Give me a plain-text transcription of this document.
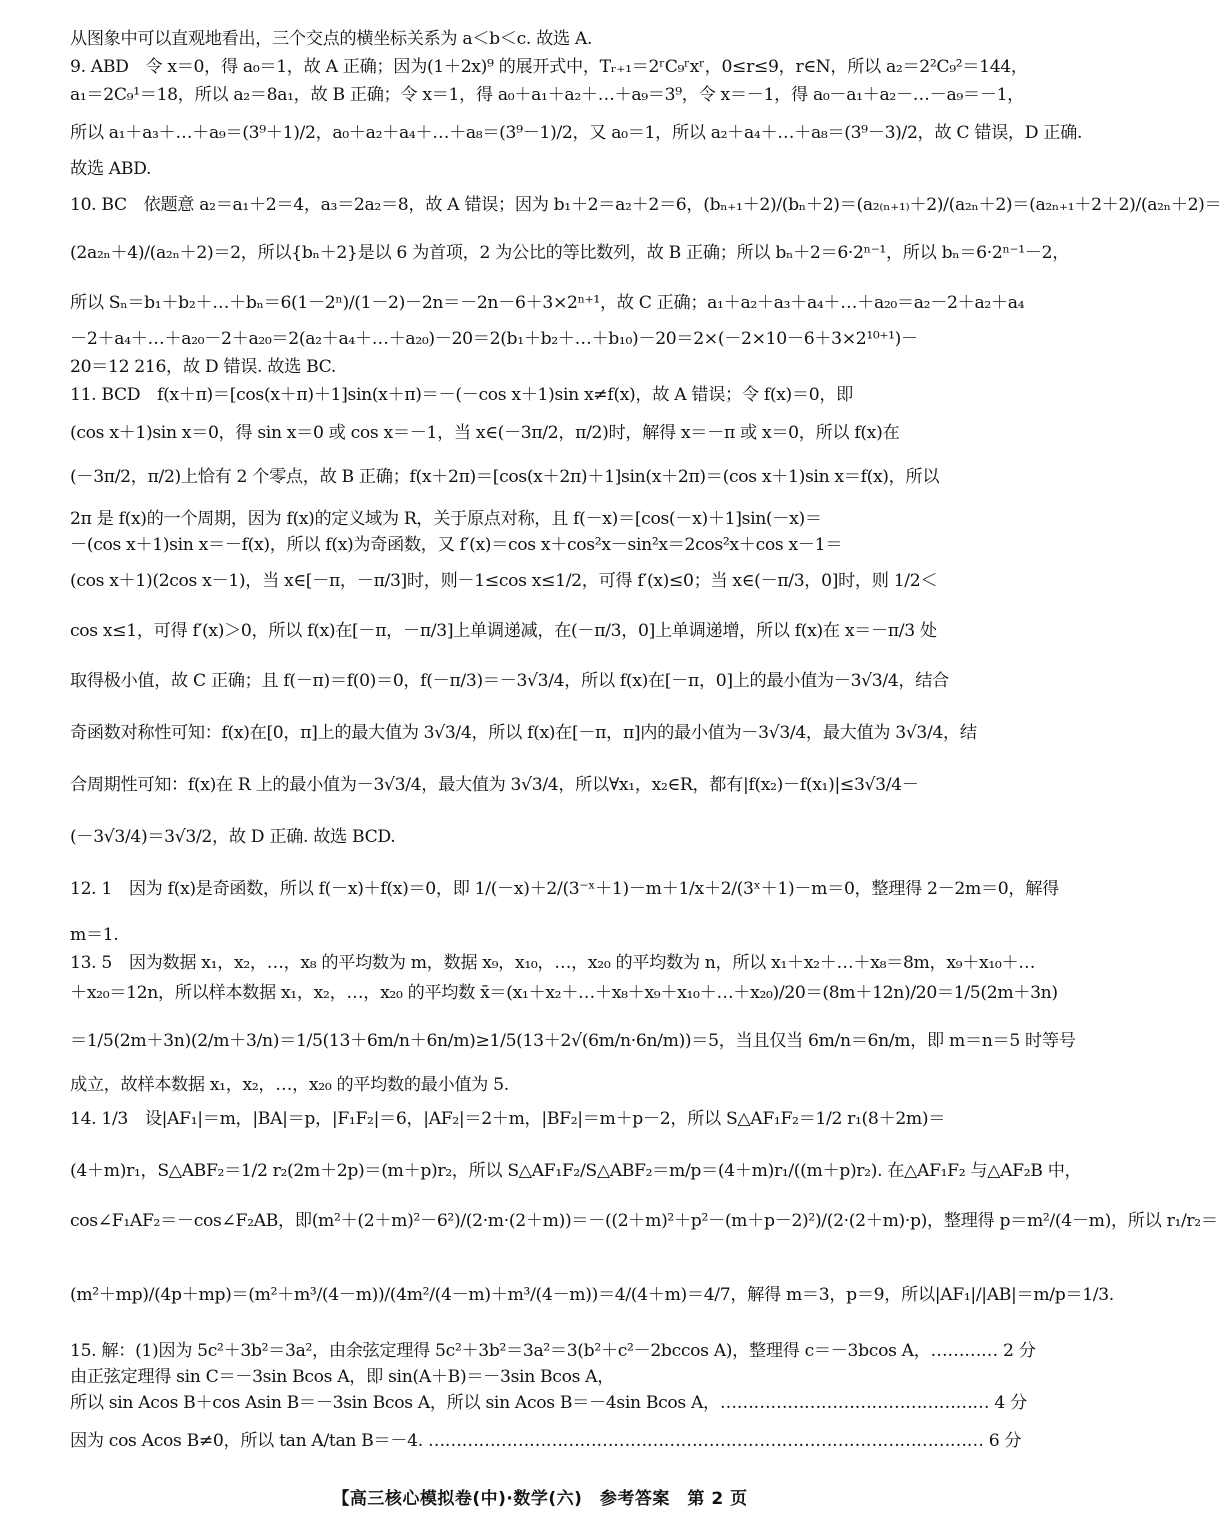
从图象中可以直观地看出，三个交点的横坐标关系为 a＜b＜c. 故选 A.
9. ABD　令 x＝0，得 a₀＝1，故 A 正确；因为(1＋2x)⁹ 的展开式中，Tᵣ₊₁＝2ʳC₉ʳxʳ，0≤r≤9，r∈N，所以 a₂＝2²C₉²＝144，
a₁＝2C₉¹＝18，所以 a₂＝8a₁，故 B 正确；令 x＝1，得 a₀＋a₁＋a₂＋…＋a₉＝3⁹，令 x＝－1，得 a₀－a₁＋a₂－…－a₉＝－1，
所以 a₁＋a₃＋…＋a₉＝(3⁹＋1)/2，a₀＋a₂＋a₄＋…＋a₈＝(3⁹－1)/2，又 a₀＝1，所以 a₂＋a₄＋…＋a₈＝(3⁹－3)/2，故 C 错误，D 正确.
故选 ABD.
10. BC　依题意 a₂＝a₁＋2＝4，a₃＝2a₂＝8，故 A 错误；因为 b₁＋2＝a₂＋2＝6，(bₙ₊₁＋2)/(bₙ＋2)＝(a₂₍ₙ₊₁₎＋2)/(a₂ₙ＋2)＝(a₂ₙ₊₁＋2＋2)/(a₂ₙ＋2)＝
(2a₂ₙ＋4)/(a₂ₙ＋2)＝2，所以{bₙ＋2}是以 6 为首项，2 为公比的等比数列，故 B 正确；所以 bₙ＋2＝6·2ⁿ⁻¹，所以 bₙ＝6·2ⁿ⁻¹－2，
所以 Sₙ＝b₁＋b₂＋…＋bₙ＝6(1－2ⁿ)/(1－2)－2n＝－2n－6＋3×2ⁿ⁺¹，故 C 正确；a₁＋a₂＋a₃＋a₄＋…＋a₂₀＝a₂－2＋a₂＋a₄
－2＋a₄＋…＋a₂₀－2＋a₂₀＝2(a₂＋a₄＋…＋a₂₀)－20＝2(b₁＋b₂＋…＋b₁₀)－20＝2×(－2×10－6＋3×2¹⁰⁺¹)－
20＝12 216，故 D 错误. 故选 BC.
11. BCD　f(x＋π)＝[cos(x＋π)＋1]sin(x＋π)＝－(－cos x＋1)sin x≠f(x)，故 A 错误；令 f(x)＝0，即
(cos x＋1)sin x＝0，得 sin x＝0 或 cos x＝－1，当 x∈(－3π/2，π/2)时，解得 x＝－π 或 x＝0，所以 f(x)在
(－3π/2，π/2)上恰有 2 个零点，故 B 正确；f(x＋2π)＝[cos(x＋2π)＋1]sin(x＋2π)＝(cos x＋1)sin x＝f(x)，所以
2π 是 f(x)的一个周期，因为 f(x)的定义域为 R，关于原点对称，且 f(－x)＝[cos(－x)＋1]sin(－x)＝
－(cos x＋1)sin x＝－f(x)，所以 f(x)为奇函数，又 f′(x)＝cos x＋cos²x－sin²x＝2cos²x＋cos x－1＝
(cos x＋1)(2cos x－1)，当 x∈[－π，－π/3]时，则－1≤cos x≤1/2，可得 f′(x)≤0；当 x∈(－π/3，0]时，则 1/2＜
cos x≤1，可得 f′(x)＞0，所以 f(x)在[－π，－π/3]上单调递减，在(－π/3，0]上单调递增，所以 f(x)在 x＝－π/3 处
取得极小值，故 C 正确；且 f(－π)＝f(0)＝0，f(－π/3)＝－3√3/4，所以 f(x)在[－π，0]上的最小值为－3√3/4，结合
奇函数对称性可知：f(x)在[0，π]上的最大值为 3√3/4，所以 f(x)在[－π，π]内的最小值为－3√3/4，最大值为 3√3/4，结
合周期性可知：f(x)在 R 上的最小值为－3√3/4，最大值为 3√3/4，所以∀x₁，x₂∈R，都有|f(x₂)－f(x₁)|≤3√3/4－
(－3√3/4)＝3√3/2，故 D 正确. 故选 BCD.
12. 1　因为 f(x)是奇函数，所以 f(－x)＋f(x)＝0，即 1/(－x)＋2/(3⁻ˣ＋1)－m＋1/x＋2/(3ˣ＋1)－m＝0，整理得 2－2m＝0，解得
m＝1.
13. 5　因为数据 x₁，x₂，…，x₈ 的平均数为 m，数据 x₉，x₁₀，…，x₂₀ 的平均数为 n，所以 x₁＋x₂＋…＋x₈＝8m，x₉＋x₁₀＋…
＋x₂₀＝12n，所以样本数据 x₁，x₂，…，x₂₀ 的平均数 x̄＝(x₁＋x₂＋…＋x₈＋x₉＋x₁₀＋…＋x₂₀)/20＝(8m＋12n)/20＝1/5(2m＋3n)
＝1/5(2m＋3n)(2/m＋3/n)＝1/5(13＋6m/n＋6n/m)≥1/5(13＋2√(6m/n·6n/m))＝5，当且仅当 6m/n＝6n/m，即 m＝n＝5 时等号
成立，故样本数据 x₁，x₂，…，x₂₀ 的平均数的最小值为 5.
14. 1/3　设|AF₁|＝m，|BA|＝p，|F₁F₂|＝6，|AF₂|＝2＋m，|BF₂|＝m＋p－2，所以 S△AF₁F₂＝1/2 r₁(8＋2m)＝
(4＋m)r₁，S△ABF₂＝1/2 r₂(2m＋2p)＝(m＋p)r₂，所以 S△AF₁F₂/S△ABF₂＝m/p＝(4＋m)r₁/((m＋p)r₂). 在△AF₁F₂ 与△AF₂B 中，
cos∠F₁AF₂＝－cos∠F₂AB，即(m²＋(2＋m)²－6²)/(2·m·(2＋m))＝－((2＋m)²＋p²－(m＋p－2)²)/(2·(2＋m)·p)，整理得 p＝m²/(4－m)，所以 r₁/r₂＝
(m²＋mp)/(4p＋mp)＝(m²＋m³/(4－m))/(4m²/(4－m)＋m³/(4－m))＝4/(4＋m)＝4/7，解得 m＝3，p＝9，所以|AF₁|/|AB|＝m/p＝1/3.
15. 解：(1)因为 5c²＋3b²＝3a²，由余弦定理得 5c²＋3b²＝3a²＝3(b²＋c²－2bccos A)，整理得 c＝－3bcos A，………… 2 分
由正弦定理得 sin C＝－3sin Bcos A，即 sin(A＋B)＝－3sin Bcos A，
所以 sin Acos B＋cos Asin B＝－3sin Bcos A，所以 sin Acos B＝－4sin Bcos A，………………………………………… 4 分
因为 cos Acos B≠0，所以 tan A/tan B＝－4. ……………………………………………………………………………………… 6 分
【高三核心模拟卷(中)·数学(六)　参考答案　第 2 页
